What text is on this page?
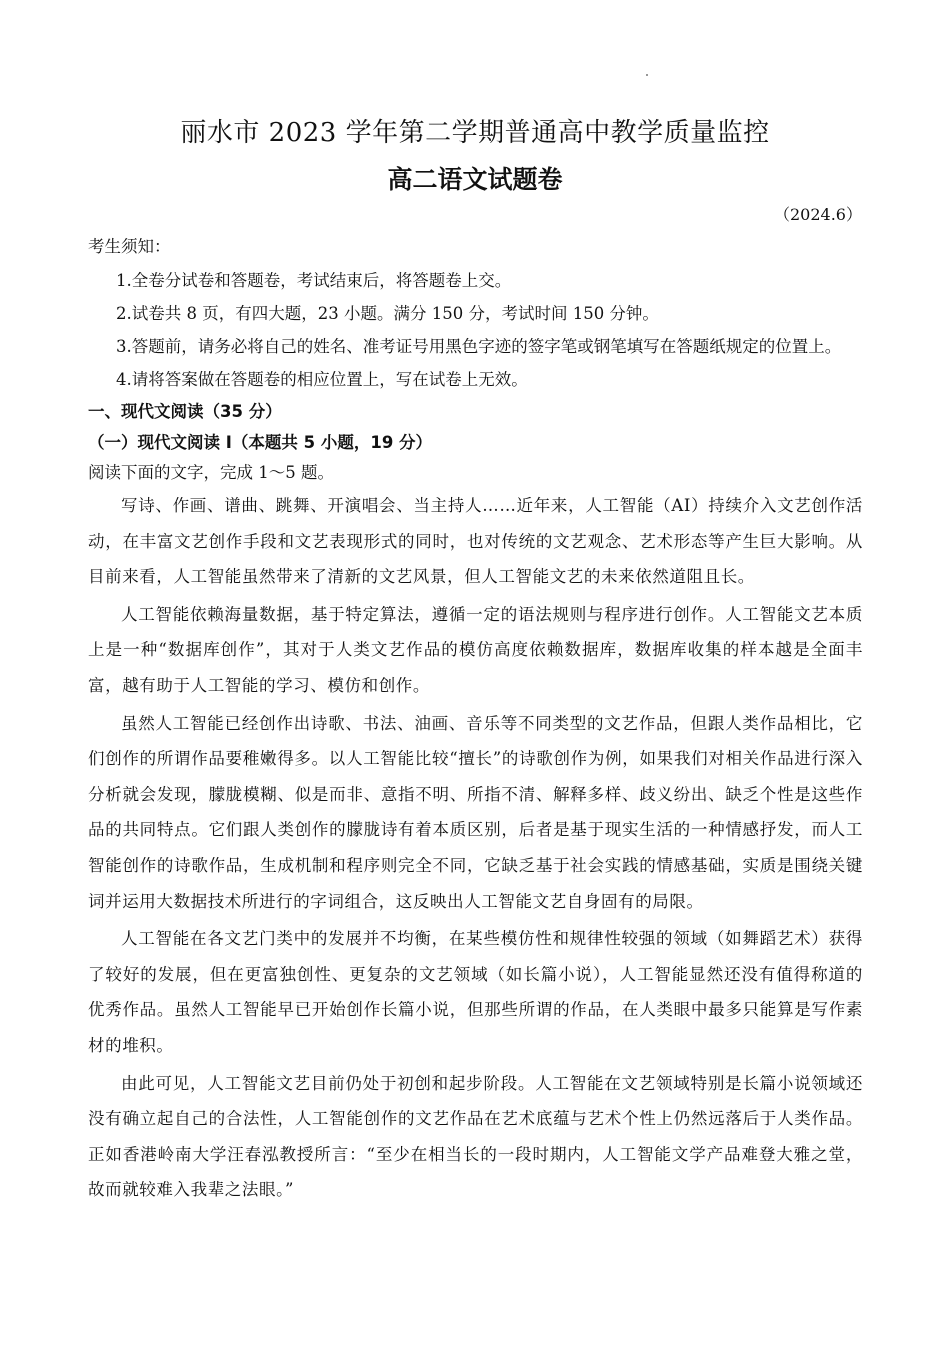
丽水市 2023 学年第二学期普通高中教学质量监控
高二语文试题卷
（2024.6）

考生须知：

1.全卷分试卷和答题卷，考试结束后，将答题卷上交。

2.试卷共 8 页，有四大题，23 小题。满分 150 分，考试时间 150 分钟。

3.答题前，请务必将自己的姓名、准考证号用黑色字迹的签字笔或钢笔填写在答题纸规定的位置上。

4.请将答案做在答题卷的相应位置上，写在试卷上无效。

一、现代文阅读（35 分）

（一）现代文阅读 I（本题共 5 小题，19 分）

阅读下面的文字，完成 1～5 题。

写诗、作画、谱曲、跳舞、开演唱会、当主持人……近年来，人工智能（AI）持续介入文艺创作活动，在丰富文艺创作手段和文艺表现形式的同时，也对传统的文艺观念、艺术形态等产生巨大影响。从目前来看，人工智能虽然带来了清新的文艺风景，但人工智能文艺的未来依然道阻且长。

人工智能依赖海量数据，基于特定算法，遵循一定的语法规则与程序进行创作。人工智能文艺本质上是一种“数据库创作”，其对于人类文艺作品的模仿高度依赖数据库，数据库收集的样本越是全面丰富，越有助于人工智能的学习、模仿和创作。

虽然人工智能已经创作出诗歌、书法、油画、音乐等不同类型的文艺作品，但跟人类作品相比，它们创作的所谓作品要稚嫩得多。以人工智能比较“擅长”的诗歌创作为例，如果我们对相关作品进行深入分析就会发现，朦胧模糊、似是而非、意指不明、所指不清、解释多样、歧义纷出、缺乏个性是这些作品的共同特点。它们跟人类创作的朦胧诗有着本质区别，后者是基于现实生活的一种情感抒发，而人工智能创作的诗歌作品，生成机制和程序则完全不同，它缺乏基于社会实践的情感基础，实质是围绕关键词并运用大数据技术所进行的字词组合，这反映出人工智能文艺自身固有的局限。

人工智能在各文艺门类中的发展并不均衡，在某些模仿性和规律性较强的领域（如舞蹈艺术）获得了较好的发展，但在更富独创性、更复杂的文艺领域（如长篇小说），人工智能显然还没有值得称道的优秀作品。虽然人工智能早已开始创作长篇小说，但那些所谓的作品，在人类眼中最多只能算是写作素材的堆积。

由此可见，人工智能文艺目前仍处于初创和起步阶段。人工智能在文艺领域特别是长篇小说领域还没有确立起自己的合法性，人工智能创作的文艺作品在艺术底蕴与艺术个性上仍然远落后于人类作品。正如香港岭南大学汪春泓教授所言：“至少在相当长的一段时期内，人工智能文学产品难登大雅之堂，故而就较难入我辈之法眼。”
